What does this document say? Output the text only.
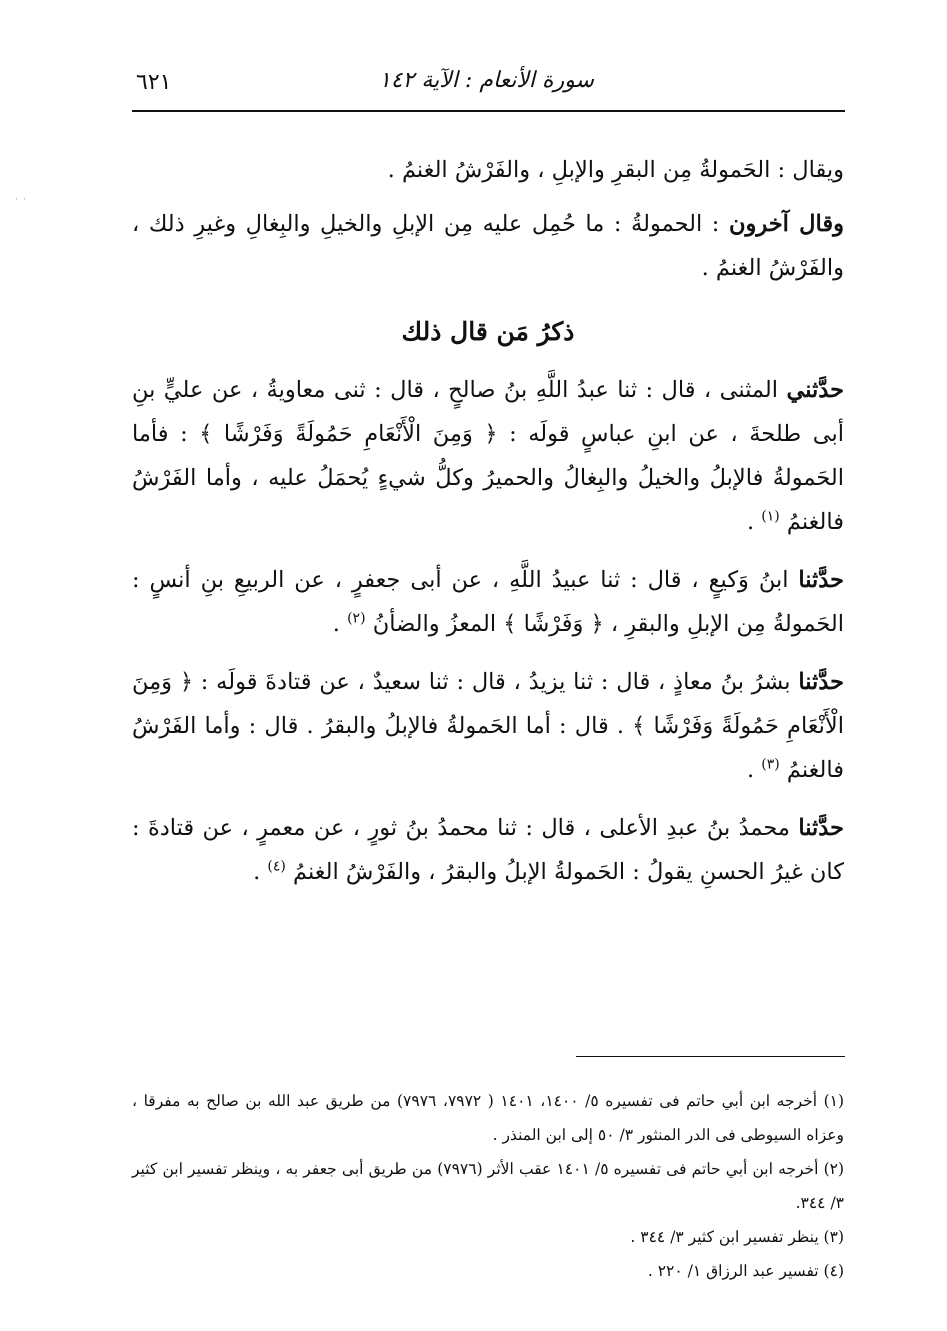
٦٢١	سورة الأنعام : الآية ١٤٢
˙ ˙

ويقال : الحَمولةُ مِن البقرِ والإبلِ ، والفَرْشُ الغنمُ .

وقال آخرون : الحمولةُ : ما حُمِل عليه مِن الإبلِ والخيلِ والبِغالِ وغيرِ ذلك ، والفَرْشُ الغنمُ .

ذكرُ مَن قال ذلك

حدَّثني المثنى ، قال : ثنا عبدُ اللَّهِ بنُ صالحٍ ، قال : ثنى معاويةُ ، عن عليٍّ بنِ أبى طلحةَ ، عن ابنِ عباسٍ قولَه : ﴿ وَمِنَ الْأَنْعَامِ حَمُولَةً وَفَرْشًا ﴾ : فأما الحَمولةُ فالإبلُ والخيلُ والبِغالُ والحميرُ وكلُّ شيءٍ يُحمَلُ عليه ، وأما الفَرْشُ فالغنمُ $^{(١)}$ .

حدَّثنا ابنُ وَكيعٍ ، قال : ثنا عبيدُ اللَّهِ ، عن أبى جعفرٍ ، عن الربيعِ بنِ أنسٍ : الحَمولةُ مِن الإبلِ والبقرِ ، ﴿ وَفَرْشًا ﴾ المعزُ والضأنُ $^{(٢)}$ .

حدَّثنا بشرُ بنُ معاذٍ ، قال : ثنا يزيدُ ، قال : ثنا سعيدٌ ، عن قتادةَ قولَه : ﴿ وَمِنَ الْأَنْعَامِ حَمُولَةً وَفَرْشًا ﴾ . قال : أما الحَمولةُ فالإبلُ والبقرُ . قال : وأما الفَرْشُ فالغنمُ $^{(٣)}$ .

حدَّثنا محمدُ بنُ عبدِ الأعلى ، قال : ثنا محمدُ بنُ ثورٍ ، عن معمرٍ ، عن قتادةَ : كان غيرُ الحسنِ يقولُ : الحَمولةُ الإبلُ والبقرُ ، والفَرْشُ الغنمُ $^{(٤)}$ .

(١) أخرجه ابن أبي حاتم فى تفسيره ٥/ ١٤٠٠، ١٤٠١ ( ٧٩٧٢، ٧٩٧٦) من طريق عبد الله بن صالح به مفرقا ، وعزاه السيوطى فى الدر المنثور ٣/ ٥٠ إلى ابن المنذر .

(٢) أخرجه ابن أبي حاتم فى تفسيره ٥/ ١٤٠١ عقب الأثر (٧٩٧٦) من طريق أبى جعفر به ، وينظر تفسير ابن كثير ٣/ ٣٤٤.

(٣) ينظر تفسير ابن كثير ٣/ ٣٤٤ .

(٤) تفسير عبد الرزاق ١/ ٢٢٠ .
